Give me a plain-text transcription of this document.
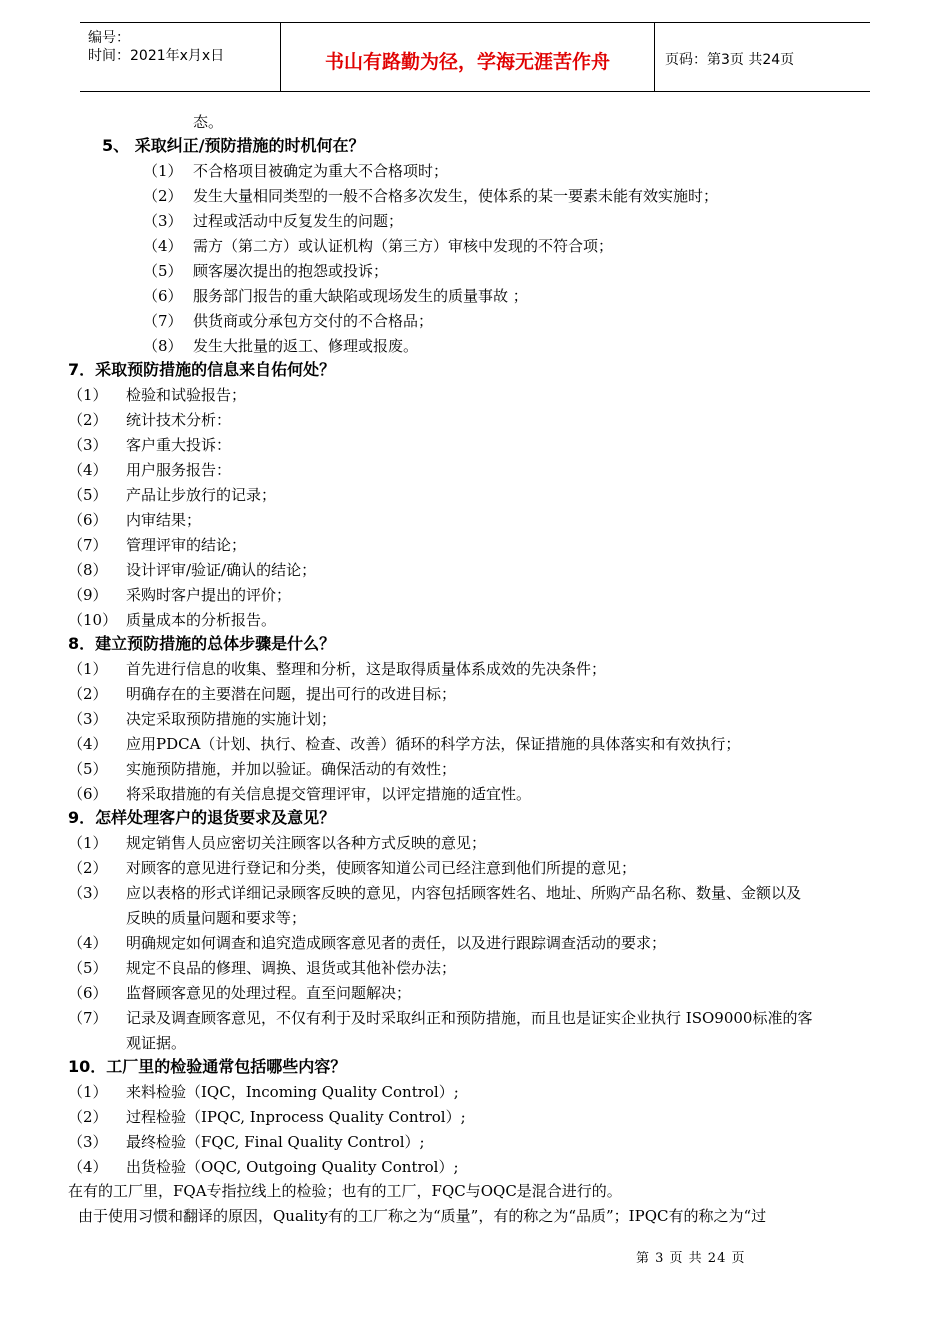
编号：
时间：2021年x月x日	书山有路勤为径，学海无涯苦作舟	页码：第3页 共24页
态。
5、 采取纠正/预防措施的时机何在？
（1） 不合格项目被确定为重大不合格项时；
（2） 发生大量相同类型的一般不合格多次发生，使体系的某一要素未能有效实施时；
（3） 过程或活动中反复发生的问题；
（4） 需方（第二方）或认证机构（第三方）审核中发现的不符合项；
（5） 顾客屡次提出的抱怨或投诉；
（6） 服务部门报告的重大缺陷或现场发生的质量事故 ；
（7） 供货商或分承包方交付的不合格品；
（8） 发生大批量的返工、修理或报废。
7．采取预防措施的信息来自佑何处？
（1） 检验和试验报告；
（2） 统计技术分析：
（3） 客户重大投诉：
（4） 用户服务报告：
（5） 产品让步放行的记录；
（6） 内审结果；
（7） 管理评审的结论；
（8） 设计评审/验证/确认的结论；
（9） 采购时客户提出的评价；
（10） 质量成本的分析报告。
8．建立预防措施的总体步骤是什么？
（1） 首先进行信息的收集、整理和分析，这是取得质量体系成效的先决条件；
（2） 明确存在的主要潜在问题，提出可行的改进目标；
（3） 决定采取预防措施的实施计划；
（4） 应用PDCA（计划、执行、检查、改善）循环的科学方法，保证措施的具体落实和有效执行；
（5） 实施预防措施，并加以验证。确保活动的有效性；
（6） 将采取措施的有关信息提交管理评审，以评定措施的适宜性。
9．怎样处理客户的退货要求及意见？
（1） 规定销售人员应密切关注顾客以各种方式反映的意见；
（2） 对顾客的意见进行登记和分类，使顾客知道公司已经注意到他们所提的意见；
（3） 应以表格的形式详细记录顾客反映的意见，内容包括顾客姓名、地址、所购产品名称、数量、金额以及
反映的质量问题和要求等；
（4） 明确规定如何调查和追究造成顾客意见者的责任，以及进行跟踪调查活动的要求；
（5） 规定不良品的修理、调换、退货或其他补偿办法；
（6） 监督顾客意见的处理过程。直至问题解决；
（7） 记录及调查顾客意见，不仅有利于及时采取纠正和预防措施，而且也是证实企业执行 ISO9000标准的客
观证据。
10．工厂里的检验通常包括哪些内容？
（1） 来料检验（IQC，Incoming Quality Control）;
（2） 过程检验（IPQC, Inprocess Quality Control）;
（3） 最终检验（FQC, Final Quality Control）;
（4） 出货检验（OQC, Outgoing Quality Control）;
在有的工厂里，FQA专指拉线上的检验；也有的工厂，FQC与OQC是混合进行的。
由于使用习惯和翻译的原因，Quality有的工厂称之为“质量”，有的称之为“品质”；IPQC有的称之为“过
第 3 页 共 24 页
